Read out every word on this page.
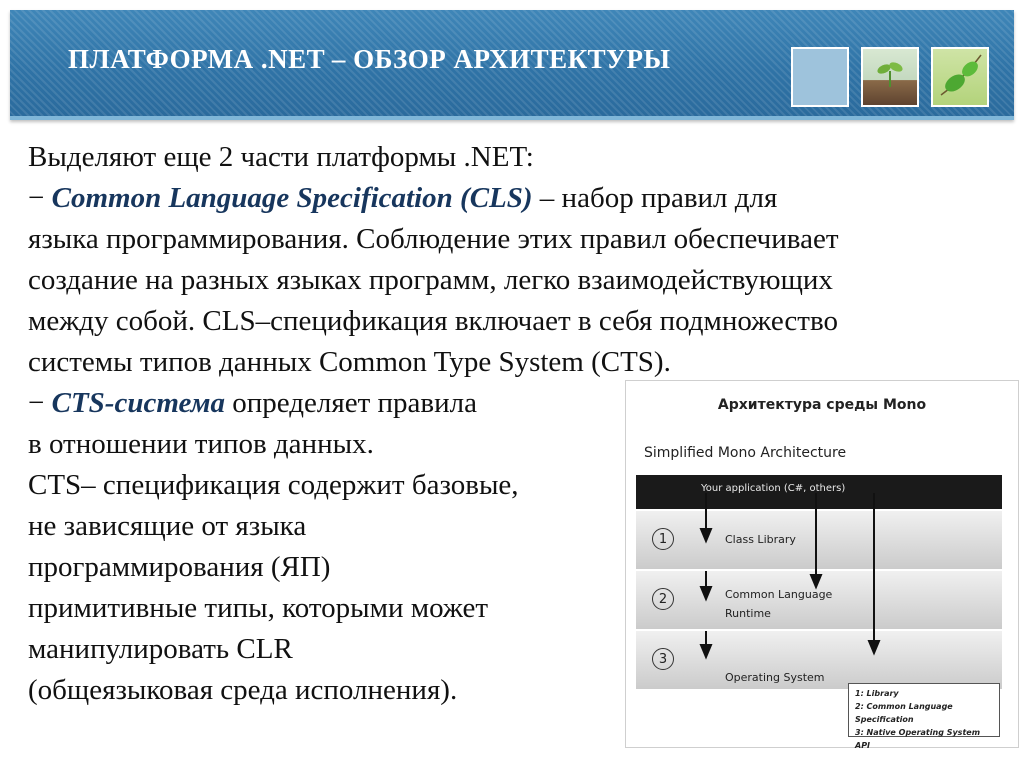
ПЛАТФОРМА .NET – ОБЗОР АРХИТЕКТУРЫ
Выделяют еще 2 части платформы .NET:
− Common Language Specification (CLS) – набор правил для
языка программирования. Соблюдение этих правил обеспечивает
создание на разных языках программ, легко взаимодействующих
между собой. CLS–спецификация включает в себя подмножество
системы типов данных Common Type System (CTS).
− CTS-система определяет правила
в отношении типов данных.
CTS– спецификация содержит базовые,
не зависящие от языка
программирования (ЯП)
примитивные типы, которыми может
манипулировать CLR
(общеязыковая среда исполнения).
Архитектура среды Mono
Simplified Mono Architecture
Your application (C#, others)
1	Class Library
2	Common Language
Runtime
3
Operating System
1: Library
2: Common Language Specification
3: Native Operating System API
